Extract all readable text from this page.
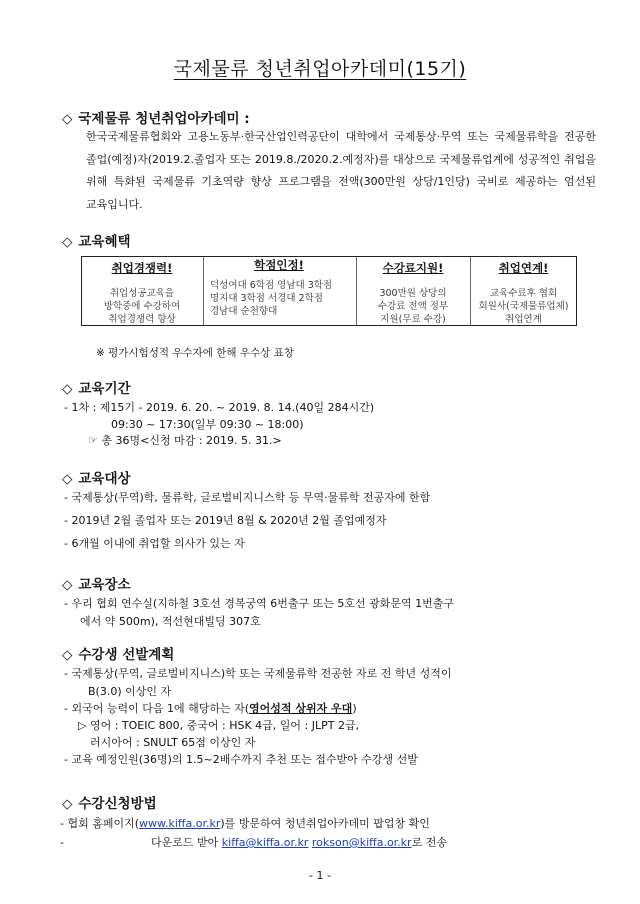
국제물류 청년취업아카데미(15기)
◇ 국제물류 청년취업아카데미 :
한국국제물류협회와 고용노동부·한국산업인력공단이 대학에서 국제통상·무역 또는 국제물류학을 전공한 졸업(예정)자(2019.2.졸업자 또는 2019.8./2020.2.예정자)를 대상으로 국제물류업계에 성공적인 취업을 위해 특화된 국제물류 기초역량 향상 프로그램을 전액(300만원 상당/1인당) 국비로 제공하는 엄선된 교육입니다.
◇ 교육혜택
취업경쟁력!
취업성공교육을
방학중에 수강하여
취업경쟁력 향상
학점인정!
덕성여대 6학점 영남대 3학점
명지대 3학점 서경대 2학점
경남대 순천향대
수강료지원!
300만원 상당의
수강료 전액 정부
지원(무료 수강)
취업연계!
교육수료후 협회
회원사(국제물류업체)
취업연계
※ 평가시험성적 우수자에 한해 우수상 표창
◇ 교육기간
- 1차 : 제15기 - 2019. 6. 20. ~ 2019. 8. 14.(40일 284시간)
09:30 ~ 17:30(일부 09:30 ~ 18:00)
☞ 총 36명<신청 마감 : 2019. 5. 31.>
◇ 교육대상
- 국제통상(무역)학, 물류학, 글로벌비지니스학 등 무역·물류학 전공자에 한함
- 2019년 2월 졸업자 또는 2019년 8월 & 2020년 2월 졸업예정자
- 6개월 이내에 취업할 의사가 있는 자
◇ 교육장소
- 우리 협회 연수실(지하철 3호선 경복궁역 6번출구 또는 5호선 광화문역 1번출구
에서 약 500m), 적선현대빌딩 307호
◇ 수강생 선발계획
- 국제통상(무역, 글로벌비지니스)학 또는 국제물류학 전공한 자로 전 학년 성적이
B(3.0) 이상인 자
- 외국어 능력이 다음 1에 해당하는 자(영어성적 상위자 우대)
▷ 영어 : TOEIC 800, 중국어 : HSK 4급, 일어 : JLPT 2급,
러시아어 : SNULT 65점 이상인 자
- 교육 예정인원(36명)의 1.5~2배수까지 추천 또는 접수받아 수강생 선발
◇ 수강신청방법
- 협회 홈페이지(www.kiffa.or.kr)를 방문하여 청년취업아카데미 팝업창 확인
-	다운로드 받아 kiffa@kiffa.or.kr rokson@kiffa.or.kr로 전송
- 1 -
